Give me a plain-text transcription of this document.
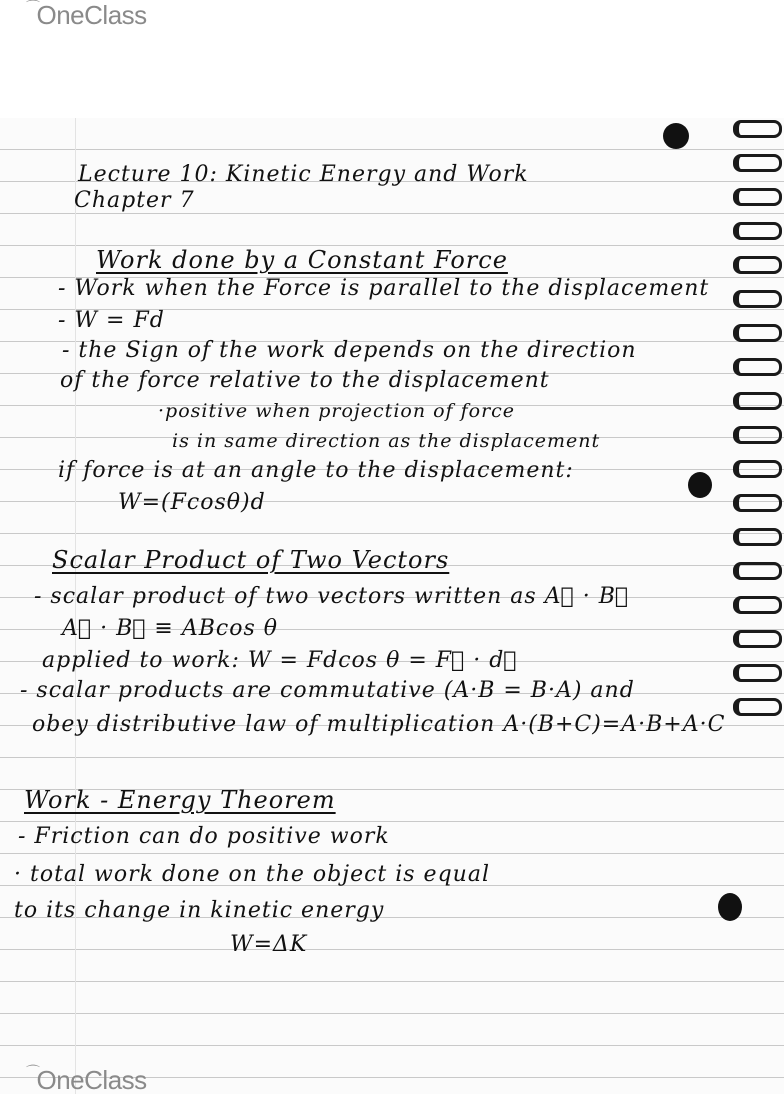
⌒
OneClass
Lecture 10: Kinetic Energy and Work
Chapter 7
Work done by a Constant Force
- Work when the Force is parallel to the displacement
- W = Fd
- the Sign of the work depends on the direction
of the force relative to the displacement
·positive when projection of force
is in same direction as the displacement
if force is at an angle to the displacement:
W=(Fcosθ)d
Scalar Product of Two Vectors
- scalar product of two vectors written as A⃗ · B⃗
A⃗ · B⃗ ≡ ABcos θ
applied to work: W = Fdcos θ = F⃗ · d⃗
- scalar products are commutative (A·B = B·A) and
obey distributive law of multiplication A·(B+C)=A·B+A·C
Work - Energy Theorem
- Friction can do positive work
· total work done on the object is equal
to its change in kinetic energy
W=ΔK
⌒
OneClass
